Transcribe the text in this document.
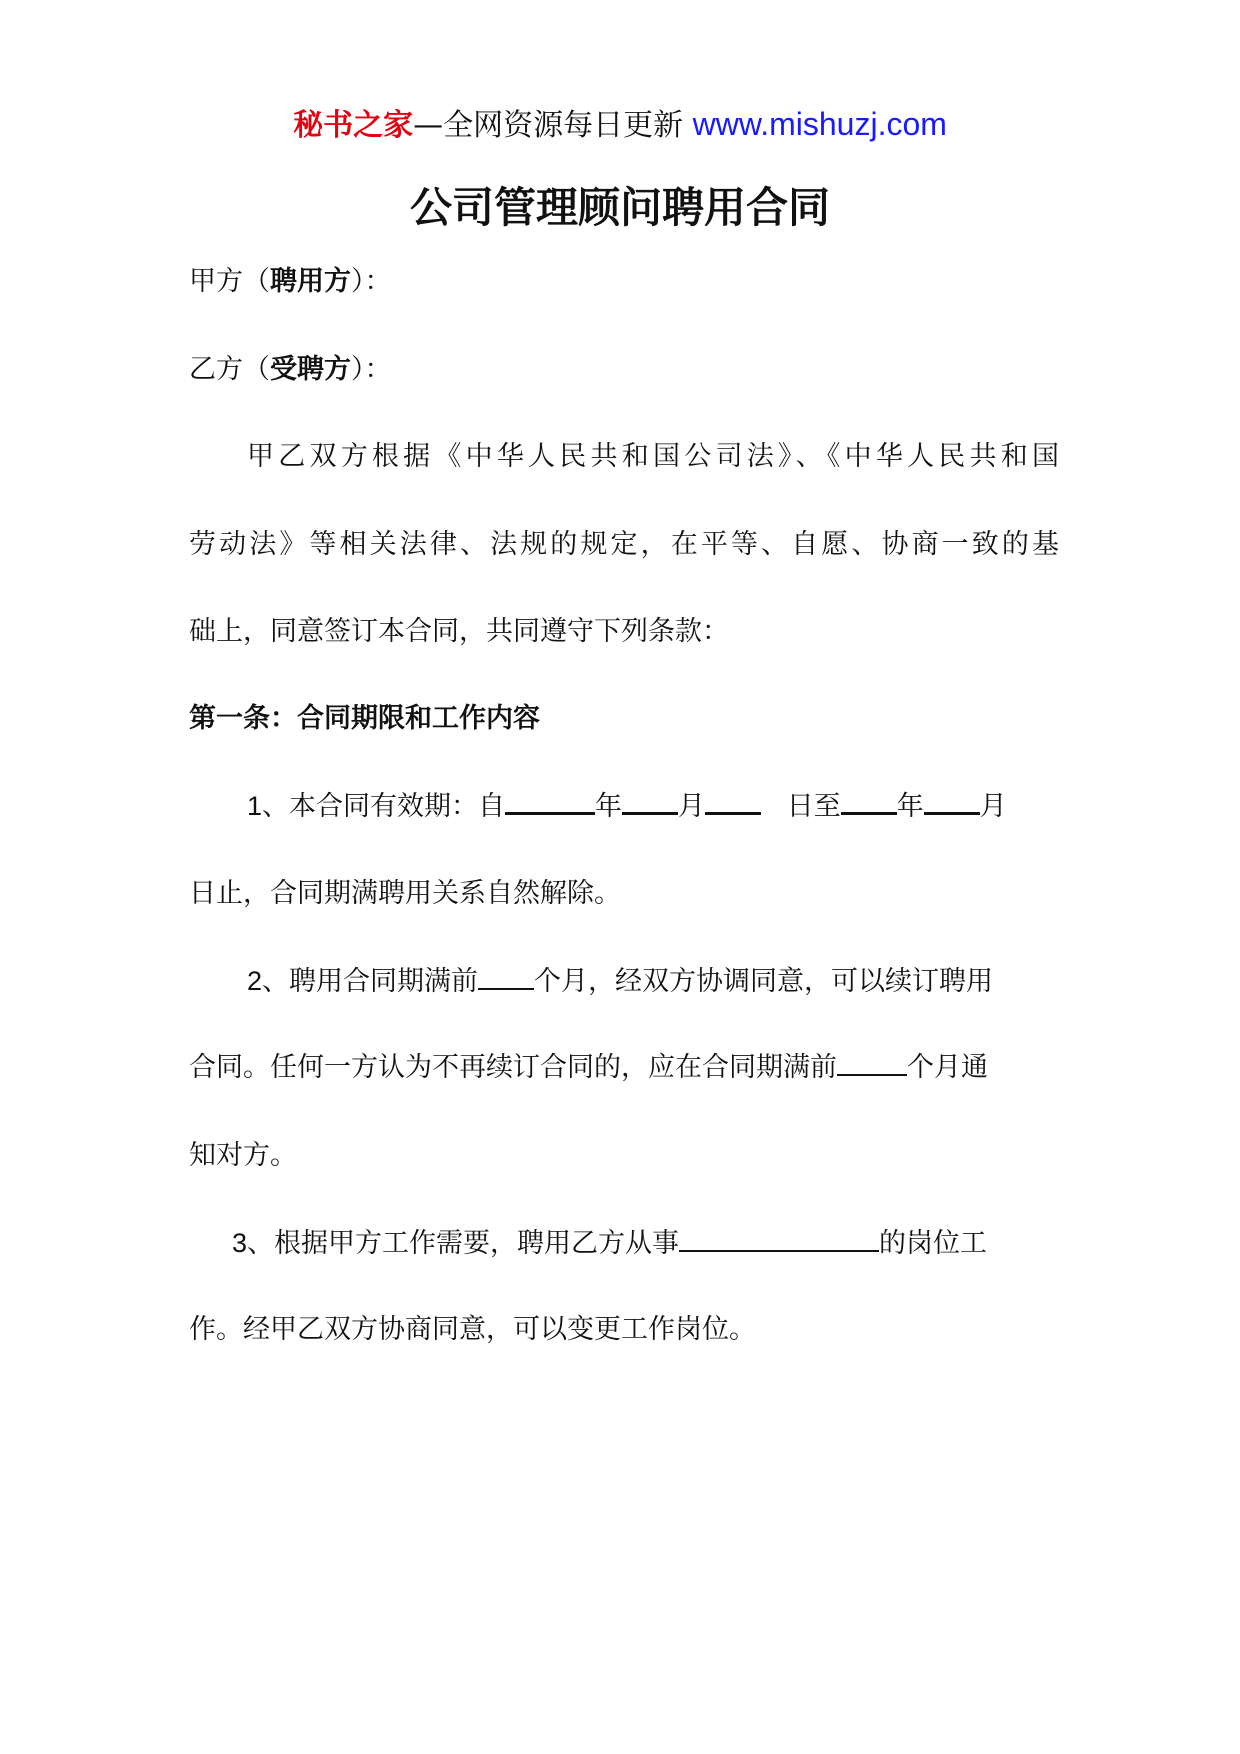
秘书之家—全网资源每日更新 www.mishuzj.com
公司管理顾问聘用合同
甲方（聘用方）：
乙方（受聘方）：
甲乙双方根据《中华人民共和国公司法》、《中华人民共和国
劳动法》等相关法律、法规的规定，在平等、自愿、协商一致的基
础上，同意签订本合同，共同遵守下列条款：
第一条：合同期限和工作内容
1、本合同有效期：自	年 月	日至 年 月
日止，合同期满聘用关系自然解除。
2、聘用合同期满前 个月，经双方协调同意，可以续订聘用
合同。任何一方认为不再续订合同的，应在合同期满前	个月通
知对方。
3、根据甲方工作需要，聘用乙方从事	的岗位工
作。经甲乙双方协商同意，可以变更工作岗位。
